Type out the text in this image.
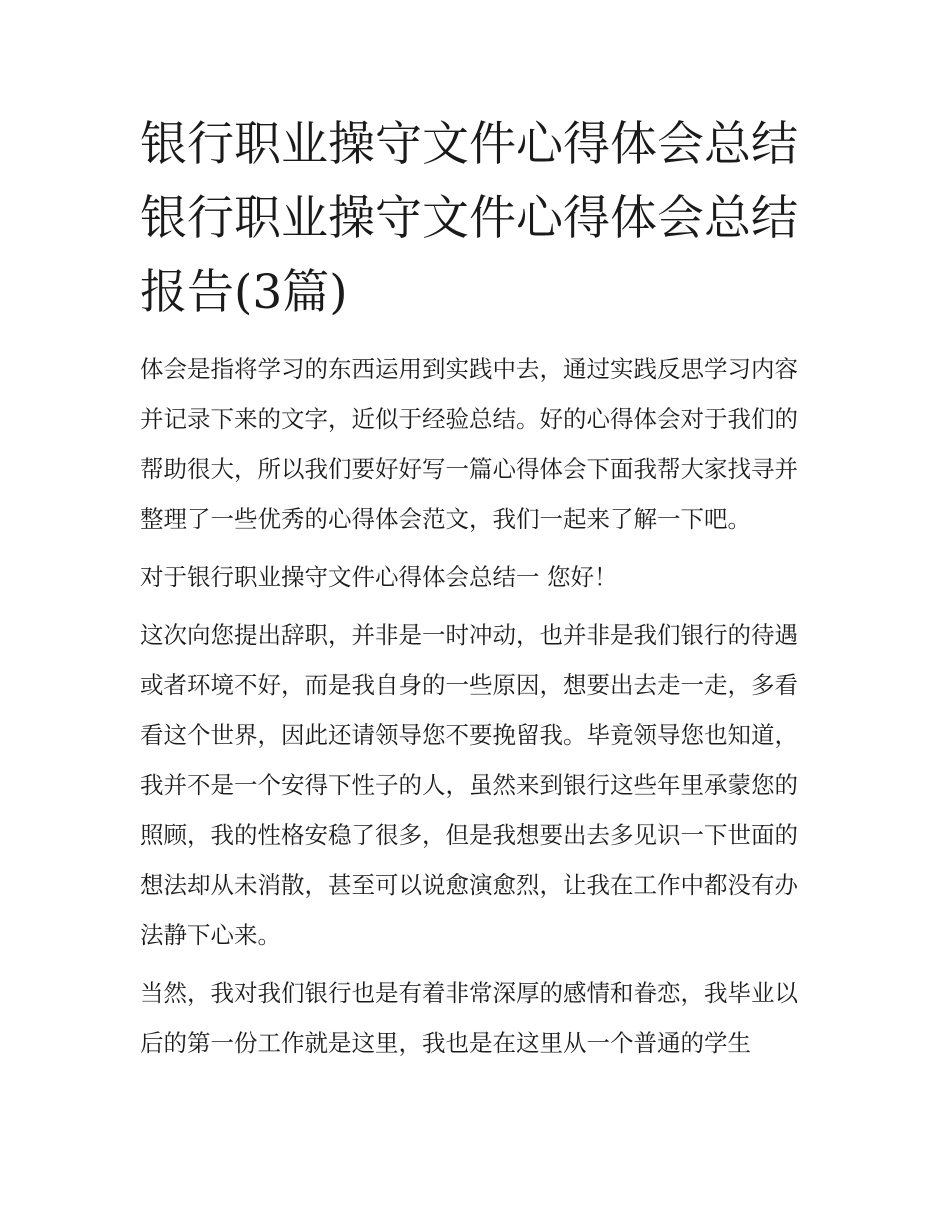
银行职业操守文件心得体会总结 银行职业操守文件心得体会总结报告(3篇)

体会是指将学习的东西运用到实践中去，通过实践反思学习内容并记录下来的文字，近似于经验总结。好的心得体会对于我们的帮助很大，所以我们要好好写一篇心得体会下面我帮大家找寻并整理了一些优秀的心得体会范文，我们一起来了解一下吧。

对于银行职业操守文件心得体会总结一 您好！

这次向您提出辞职，并非是一时冲动，也并非是我们银行的待遇或者环境不好，而是我自身的一些原因，想要出去走一走，多看看这个世界，因此还请领导您不要挽留我。毕竟领导您也知道，我并不是一个安得下性子的人，虽然来到银行这些年里承蒙您的照顾，我的性格安稳了很多，但是我想要出去多见识一下世面的想法却从未消散，甚至可以说愈演愈烈，让我在工作中都没有办法静下心来。

当然，我对我们银行也是有着非常深厚的感情和眷恋，我毕业以后的第一份工作就是这里，我也是在这里从一个普通的学生
